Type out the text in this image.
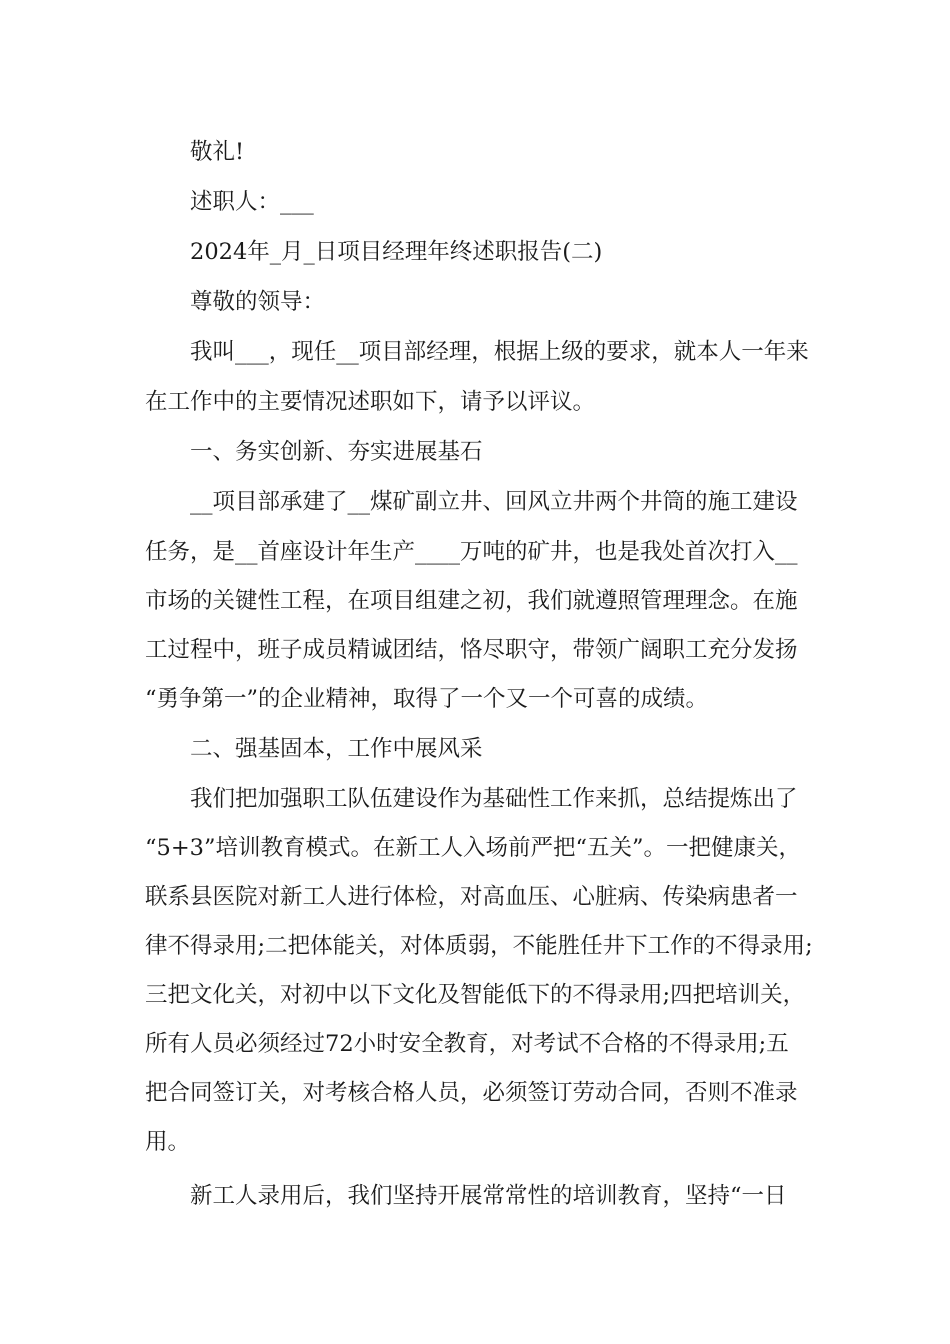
敬礼!
述职人：___
2024年_月_日项目经理年终述职报告(二)
尊敬的领导：
我叫___，现任__项目部经理，根据上级的要求，就本人一年来
在工作中的主要情况述职如下，请予以评议。
一、务实创新、夯实进展基石
__项目部承建了__煤矿副立井、回风立井两个井筒的施工建设
任务，是__首座设计年生产____万吨的矿井，也是我处首次打入__
市场的关键性工程，在项目组建之初，我们就遵照管理理念。在施
工过程中，班子成员精诚团结，恪尽职守，带领广阔职工充分发扬
“勇争第一”的企业精神，取得了一个又一个可喜的成绩。
二、强基固本，工作中展风采
我们把加强职工队伍建设作为基础性工作来抓，总结提炼出了
“5+3”培训教育模式。在新工人入场前严把“五关”。一把健康关，
联系县医院对新工人进行体检，对高血压、心脏病、传染病患者一
律不得录用;二把体能关，对体质弱，不能胜任井下工作的不得录用;
三把文化关，对初中以下文化及智能低下的不得录用;四把培训关，
所有人员必须经过72小时安全教育，对考试不合格的不得录用;五
把合同签订关，对考核合格人员，必须签订劳动合同，否则不准录
用。
新工人录用后，我们坚持开展常常性的培训教育，坚持“一日
